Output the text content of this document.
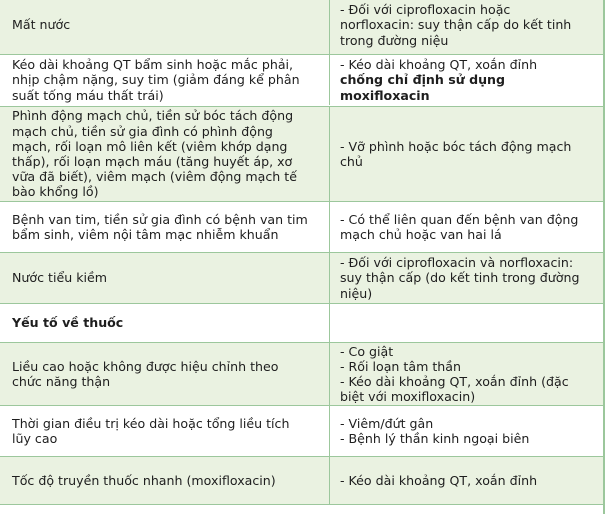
Mất nước
- Đối với ciprofloxacin hoặc
norfloxacin: suy thận cấp do kết tinh
trong đường niệu
Kéo dài khoảng QT bẩm sinh hoặc mắc phải,
nhịp chậm nặng, suy tim (giảm đáng kể phân
suất tống máu thất trái)
- Kéo dài khoảng QT, xoắn đỉnh
chống chỉ định sử dụng
moxifloxacin
Phình động mạch chủ, tiền sử bóc tách động
mạch chủ, tiền sử gia đình có phình động
mạch, rối loạn mô liên kết (viêm khớp dạng
thấp), rối loạn mạch máu (tăng huyết áp, xơ
vữa đã biết), viêm mạch (viêm động mạch tế
bào khổng lồ)
- Vỡ phình hoặc bóc tách động mạch
chủ
Bệnh van tim, tiền sử gia đình có bệnh van tim
bẩm sinh, viêm nội tâm mạc nhiễm khuẩn
- Có thể liên quan đến bệnh van động
mạch chủ hoặc van hai lá
Nước tiểu kiềm
- Đối với ciprofloxacin và norfloxacin:
suy thận cấp (do kết tinh trong đường
niệu)
Yếu tố về thuốc
Liều cao hoặc không được hiệu chỉnh theo
chức năng thận
- Co giật
- Rối loạn tâm thần
- Kéo dài khoảng QT, xoắn đỉnh (đặc
biệt với moxifloxacin)
Thời gian điều trị kéo dài hoặc tổng liều tích
lũy cao
- Viêm/đứt gân
- Bệnh lý thần kinh ngoại biên
Tốc độ truyền thuốc nhanh (moxifloxacin)	- Kéo dài khoảng QT, xoắn đỉnh
